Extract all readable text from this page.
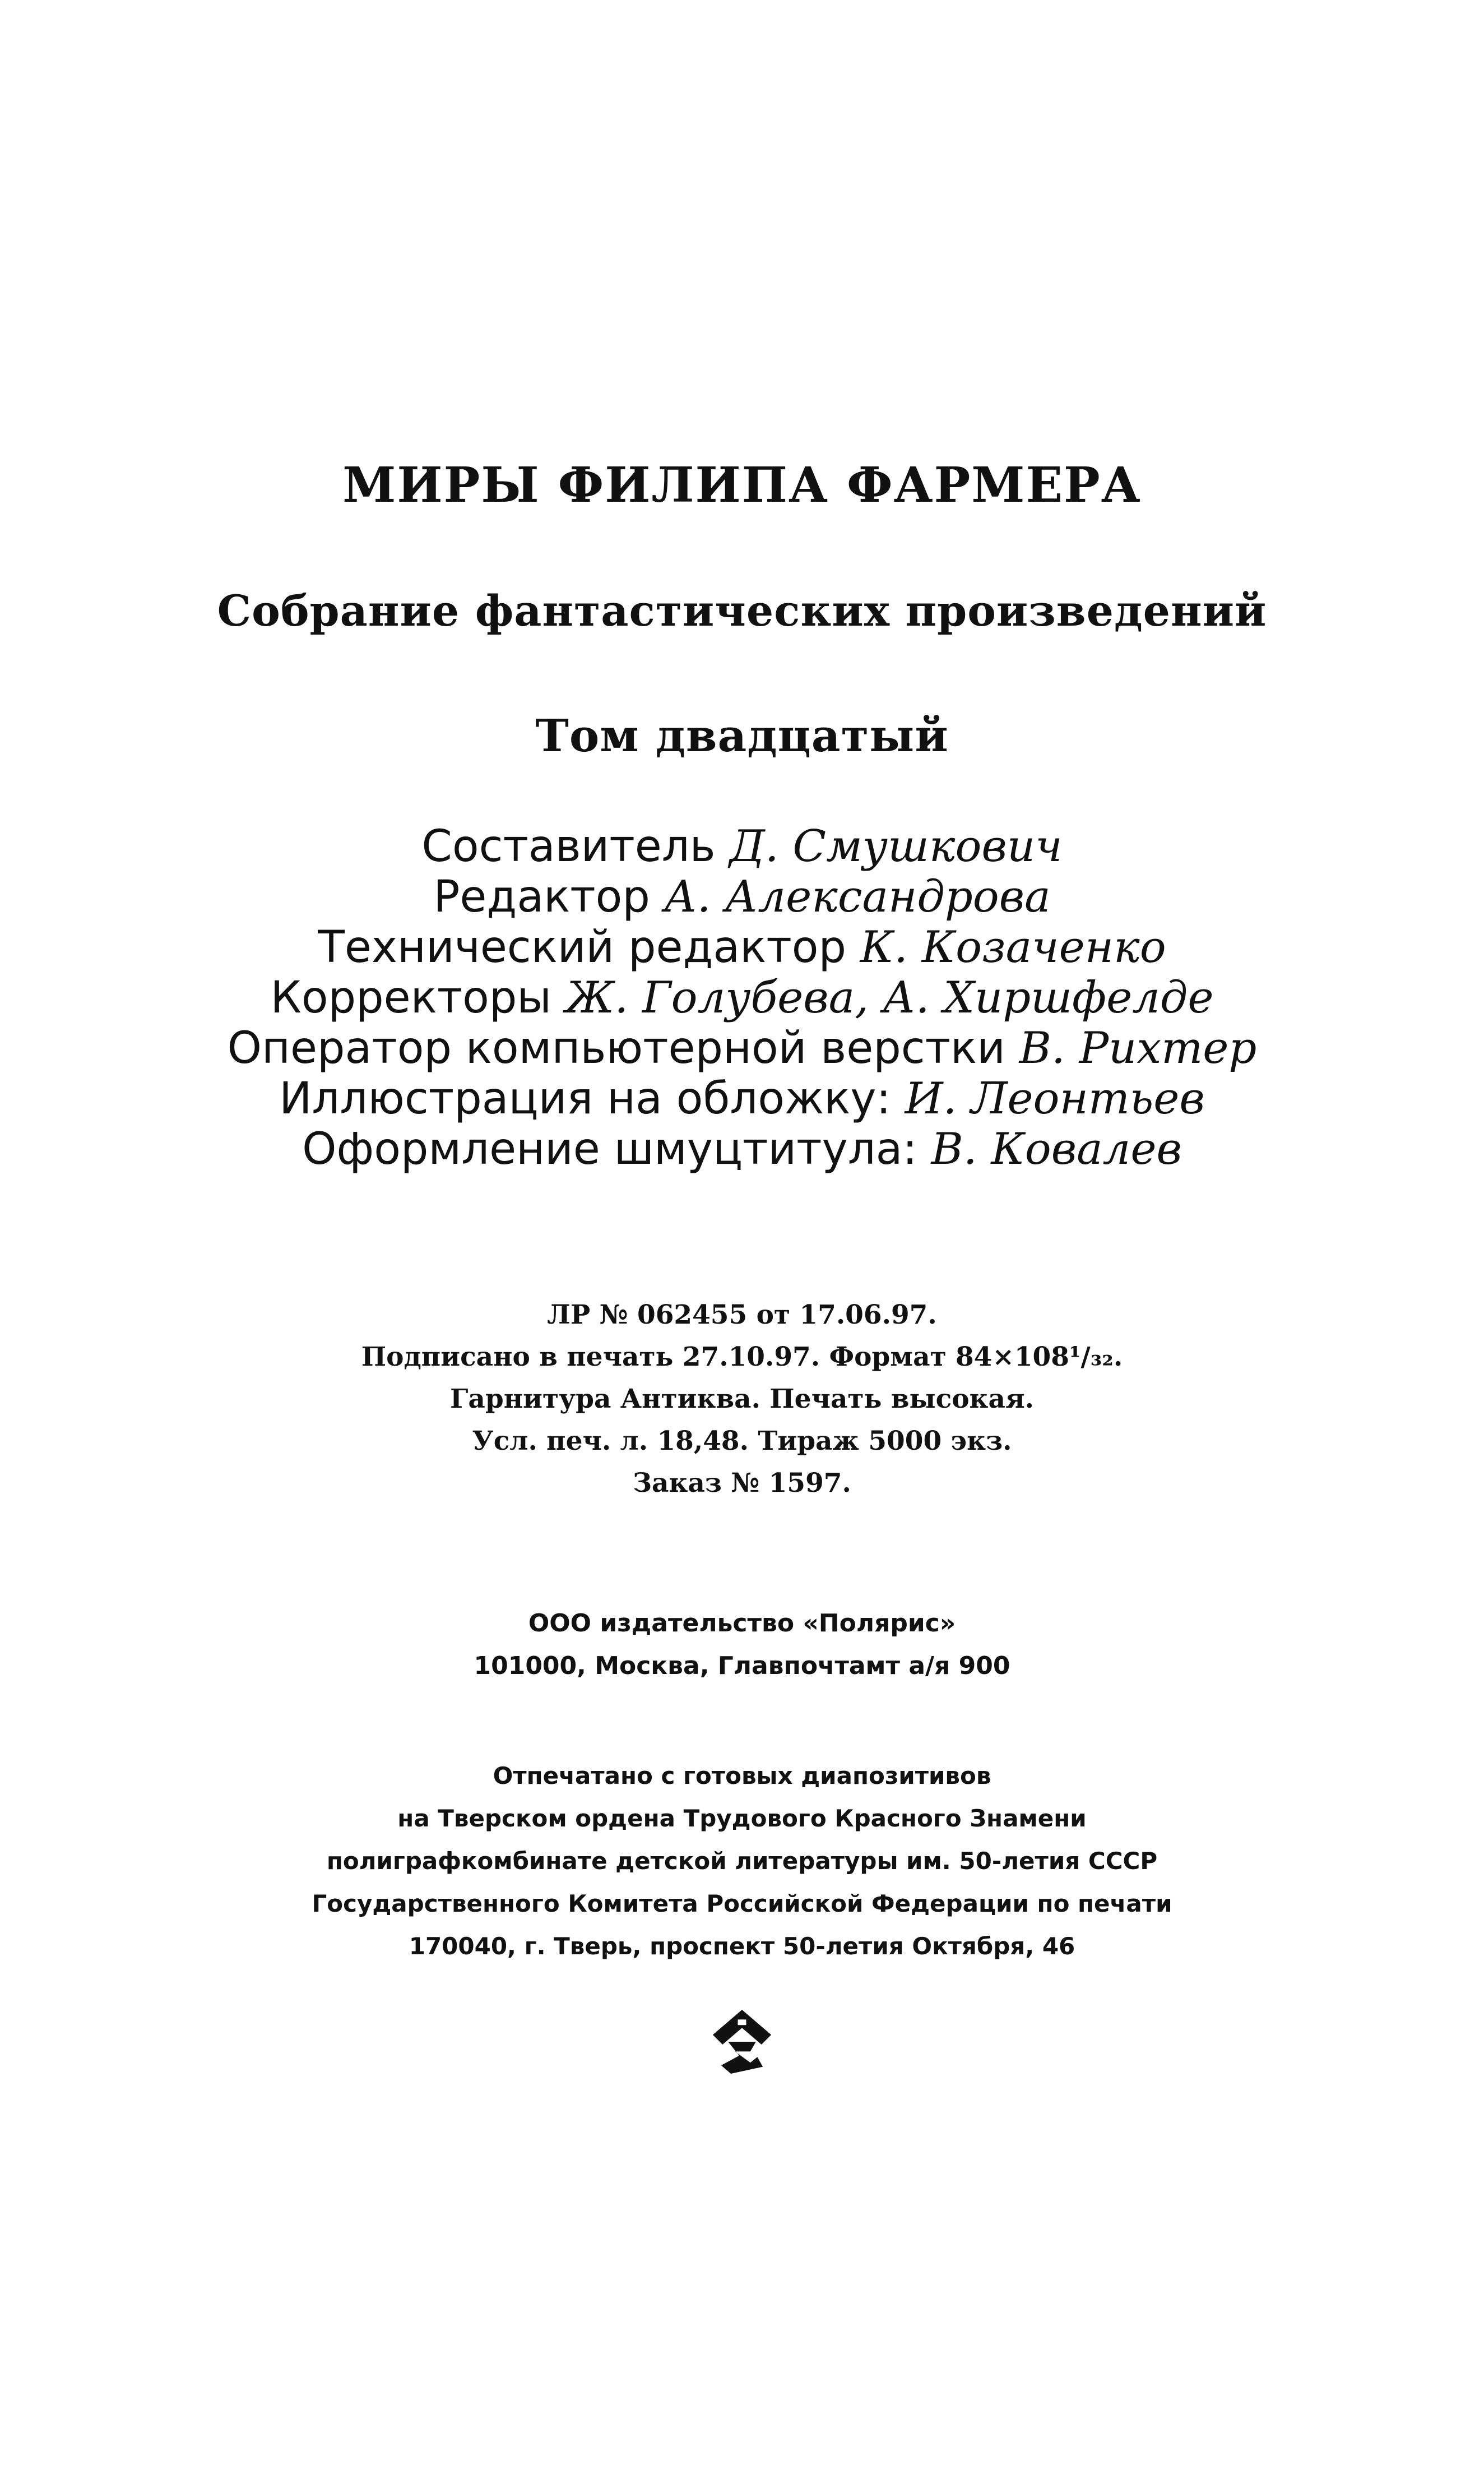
МИРЫ ФИЛИПА ФАРМЕРА
Собрание фантастических произведений
Том двадцатый
Составитель Д. Смушкович
Редактор А. Александрова
Технический редактор К. Козаченко
Корректоры Ж. Голубева, А. Хиршфелде
Оператор компьютерной верстки В. Рихтер
Иллюстрация на обложку: И. Леонтьев
Оформление шмуцтитула: В. Ковалев
ЛР № 062455 от 17.06.97.
Подписано в печать 27.10.97. Формат 84×108¹/₃₂.
Гарнитура Антиква. Печать высокая.
Усл. печ. л. 18,48. Тираж 5000 экз.
Заказ № 1597.
ООО издательство «Полярис»
101000, Москва, Главпочтамт а/я 900
Отпечатано с готовых диапозитивов
на Тверском ордена Трудового Красного Знамени
полиграфкомбинате детской литературы им. 50-летия СССР
Государственного Комитета Российской Федерации по печати
170040, г. Тверь, проспект 50-летия Октября, 46
